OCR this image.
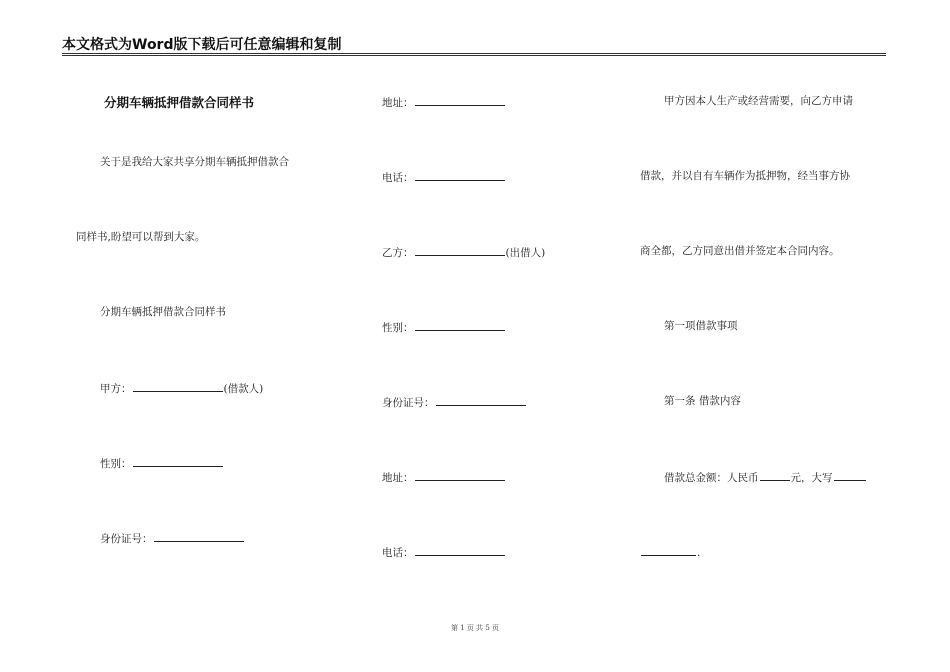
本文格式为Word版下载后可任意编辑和复制
分期车辆抵押借款合同样书
关于是我给大家共享分期车辆抵押借款合
同样书,盼望可以帮到大家。
分期车辆抵押借款合同样书
甲方：	(借款人)
性别：
身份证号：
地址：
电话：
乙方：	(出借人)
性别：
身份证号：
地址：
电话：
甲方因本人生产或经营需要，向乙方申请
借款，并以自有车辆作为抵押物，经当事方协
商全都，乙方同意出借并签定本合同内容。
第一项借款事项
第一条 借款内容
借款总金额：人民币	元，大写
.
第 1 页 共 5 页
